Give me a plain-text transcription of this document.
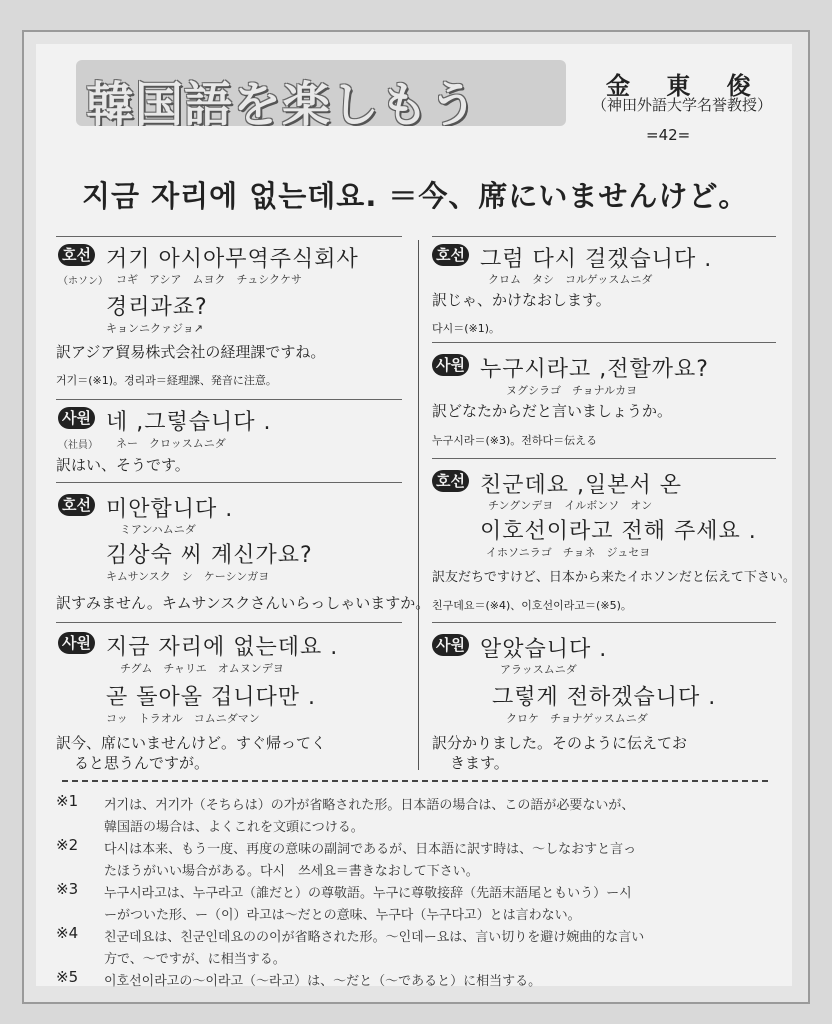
韓国語を楽しもう	金 東 俊
（神田外語大学名誉教授）
=42=
지금 자리에 없는데요. ＝今、席にいませんけど。
호선 거기 아시아무역주식회사
（ホソン） コギ　アシア　ムヨク　チュシクケサ
경리과죠?
キョンニクァジョ↗
訳アジア貿易株式会社の経理課ですね。
거기＝(※1)。경리과＝経理課、発音に注意。
사원 네 ,그렇습니다 .
（社員） ネー　クロッスムニダ
訳はい、そうです。
호선 미안합니다 .
ミアンハムニダ
김상숙 씨 계신가요?
キムサンスク　シ　ケーシンガヨ
訳すみません。キムサンスクさんいらっしゃいますか。
사원 지금 자리에 없는데요 .
チグム　チャリエ　オムヌンデヨ
곧 돌아올 겁니다만 .
コッ　トラオル　コムニダマン
訳今、席にいませんけど。すぐ帰ってく
ると思うんですが。
호선 그럼 다시 걸겠습니다 .
クロム　タシ　コルゲッスムニダ
訳じゃ、かけなおします。
다시＝(※1)。
사원 누구시라고 ,전할까요?
ヌグシラゴ　チョナルカヨ
訳どなたからだと言いましょうか。
누구시라＝(※3)。전하다＝伝える
호선 친군데요 ,일본서 온
チングンデヨ　イルボンソ　オン
이호선이라고 전해 주세요 .
イホソニラゴ　チョネ　ジュセヨ
訳友だちですけど、日本から来たイホソンだと伝えて下さい。
친구데요＝(※4)、이호선이라고＝(※5)。
사원 알았습니다 .
アラッスムニダ
그렇게 전하겠습니다 .
クロケ　チョナゲッスムニダ
訳分かりました。そのように伝えてお
きます。
※1 거기は、거기가（そちらは）の가が省略された形。日本語の場合は、この語が必要ないが、
韓国語の場合は、よくこれを文頭につける。
※2 다시は本来、もう一度、再度の意味の副詞であるが、日本語に訳す時は、～しなおすと言っ
たほうがいい場合がある。다시　쓰세요＝書きなおして下さい。
※3 누구시라고は、누구라고（誰だと）の尊敬語。누구に尊敬接辞（先語末語尾ともいう）ー시
ーがついた形、ー（이）라고は～だとの意味、누구다（누구다고）とは言わない。
※4 친군데요は、친군인데요のの이が省略された形。～인데ー요は、言い切りを避け婉曲的な言い
方で、～ですが、に相当する。
※5 이호선이라고の～이라고（～라고）は、～だと（～であると）に相当する。
